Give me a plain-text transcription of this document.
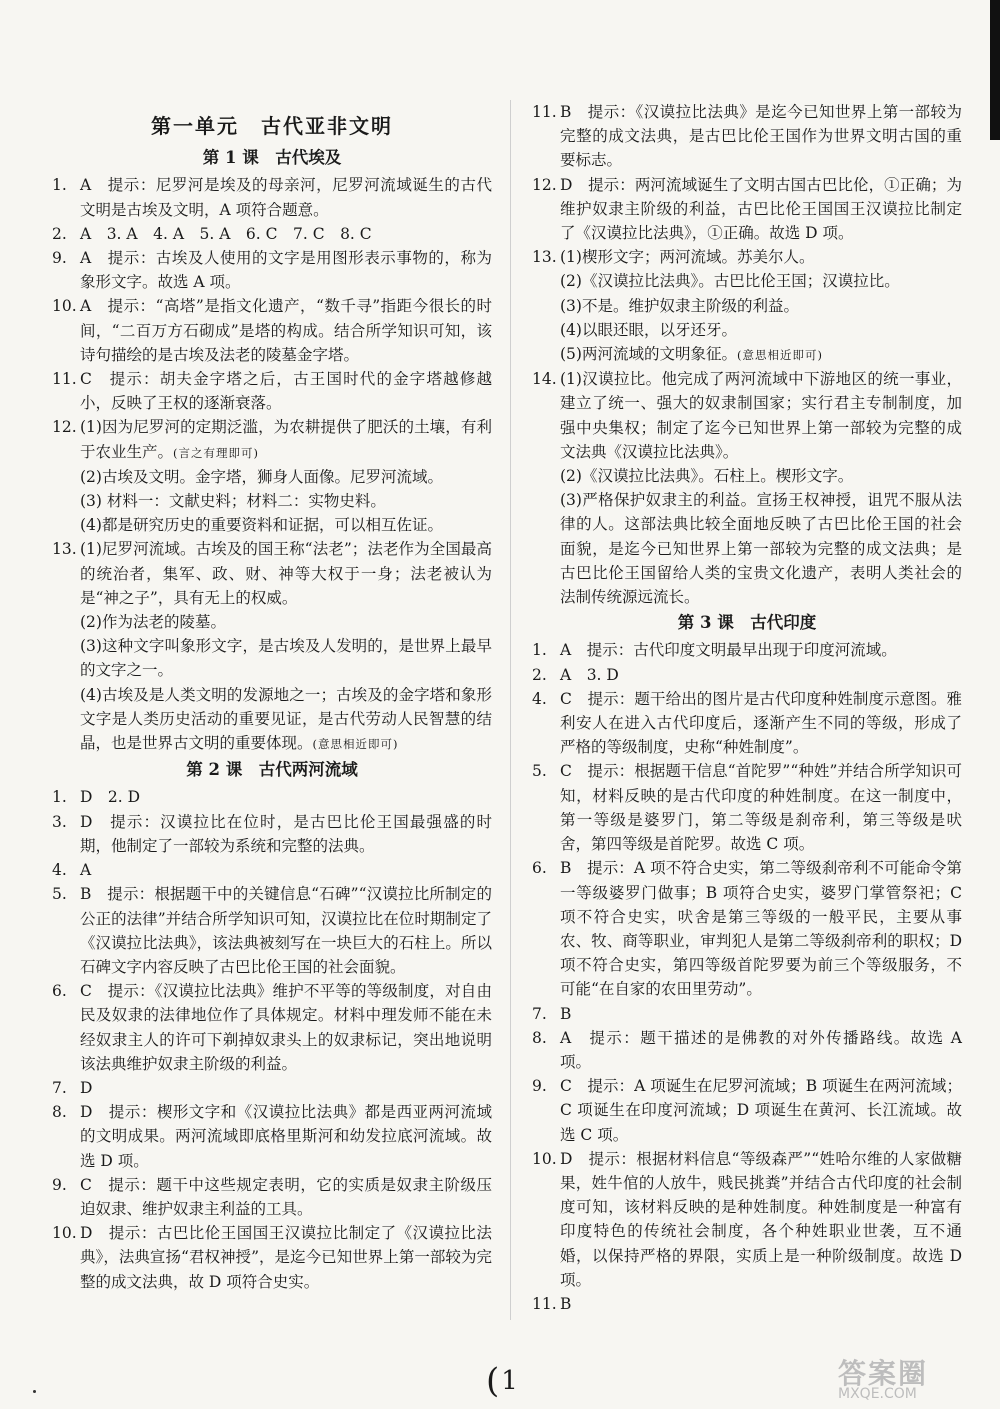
第一单元　古代亚非文明
第 1 课　古代埃及
1. A　提示：尼罗河是埃及的母亲河，尼罗河流域诞生的古代文明是古埃及文明，A 项符合题意。
2. A　3. A　4. A　5. A　6. C　7. C　8. C
9. A　提示：古埃及人使用的文字是用图形表示事物的，称为象形文字。故选 A 项。
10. A　提示：“高塔”是指文化遗产，“数千寻”指距今很长的时间，“二百万方石砌成”是塔的构成。结合所学知识可知，该诗句描绘的是古埃及法老的陵墓金字塔。
11. C　提示：胡夫金字塔之后，古王国时代的金字塔越修越小，反映了王权的逐渐衰落。
12. (1)因为尼罗河的定期泛滥，为农耕提供了肥沃的土壤，有利于农业生产。(言之有理即可)
(2)古埃及文明。金字塔，狮身人面像。尼罗河流域。
(3) 材料一：文献史料；材料二：实物史料。
(4)都是研究历史的重要资料和证据，可以相互佐证。
13. (1)尼罗河流域。古埃及的国王称“法老”；法老作为全国最高的统治者，集军、政、财、神等大权于一身；法老被认为是“神之子”，具有无上的权威。
(2)作为法老的陵墓。
(3)这种文字叫象形文字，是古埃及人发明的，是世界上最早的文字之一。
(4)古埃及是人类文明的发源地之一；古埃及的金字塔和象形文字是人类历史活动的重要见证，是古代劳动人民智慧的结晶，也是世界古文明的重要体现。(意思相近即可)
第 2 课　古代两河流域
1. D　2. D
3. D　提示：汉谟拉比在位时，是古巴比伦王国最强盛的时期，他制定了一部较为系统和完整的法典。
4. A
5. B　提示：根据题干中的关键信息“石碑”“汉谟拉比所制定的公正的法律”并结合所学知识可知，汉谟拉比在位时期制定了《汉谟拉比法典》，该法典被刻写在一块巨大的石柱上。所以石碑文字内容反映了古巴比伦王国的社会面貌。
6. C　提示：《汉谟拉比法典》维护不平等的等级制度，对自由民及奴隶的法律地位作了具体规定。材料中理发师不能在未经奴隶主人的许可下剃掉奴隶头上的奴隶标记，突出地说明该法典维护奴隶主阶级的利益。
7. D
8. D　提示：楔形文字和《汉谟拉比法典》都是西亚两河流域的文明成果。两河流域即底格里斯河和幼发拉底河流域。故选 D 项。
9. C　提示：题干中这些规定表明，它的实质是奴隶主阶级压迫奴隶、维护奴隶主利益的工具。
10. D　提示：古巴比伦王国国王汉谟拉比制定了《汉谟拉比法典》，法典宣扬“君权神授”，是迄今已知世界上第一部较为完整的成文法典，故 D 项符合史实。
11. B　提示：《汉谟拉比法典》是迄今已知世界上第一部较为完整的成文法典，是古巴比伦王国作为世界文明古国的重要标志。
12. D　提示：两河流域诞生了文明古国古巴比伦，①正确；为维护奴隶主阶级的利益，古巴比伦王国国王汉谟拉比制定了《汉谟拉比法典》，①正确。故选 D 项。
13. (1)楔形文字；两河流域。苏美尔人。
(2)《汉谟拉比法典》。古巴比伦王国；汉谟拉比。
(3)不是。维护奴隶主阶级的利益。
(4)以眼还眼，以牙还牙。
(5)两河流域的文明象征。(意思相近即可)
14. (1)汉谟拉比。他完成了两河流域中下游地区的统一事业，建立了统一、强大的奴隶制国家；实行君主专制制度，加强中央集权；制定了迄今已知世界上第一部较为完整的成文法典《汉谟拉比法典》。
(2)《汉谟拉比法典》。石柱上。楔形文字。
(3)严格保护奴隶主的利益。宣扬王权神授，诅咒不服从法律的人。这部法典比较全面地反映了古巴比伦王国的社会面貌，是迄今已知世界上第一部较为完整的成文法典；是古巴比伦王国留给人类的宝贵文化遗产，表明人类社会的法制传统源远流长。
第 3 课　古代印度
1. A　提示：古代印度文明最早出现于印度河流域。
2. A　3. D
4. C　提示：题干给出的图片是古代印度种姓制度示意图。雅利安人在进入古代印度后，逐渐产生不同的等级，形成了严格的等级制度，史称“种姓制度”。
5. C　提示：根据题干信息“首陀罗”“种姓”并结合所学知识可知，材料反映的是古代印度的种姓制度。在这一制度中，第一等级是婆罗门，第二等级是刹帝利，第三等级是吠舍，第四等级是首陀罗。故选 C 项。
6. B　提示：A 项不符合史实，第二等级刹帝利不可能命令第一等级婆罗门做事；B 项符合史实，婆罗门掌管祭祀；C 项不符合史实，吠舍是第三等级的一般平民，主要从事农、牧、商等职业，审判犯人是第二等级刹帝利的职权；D 项不符合史实，第四等级首陀罗要为前三个等级服务，不可能“在自家的农田里劳动”。
7. B
8. A　提示：题干描述的是佛教的对外传播路线。故选 A 项。
9. C　提示：A 项诞生在尼罗河流域；B 项诞生在两河流域；C 项诞生在印度河流域；D 项诞生在黄河、长江流域。故选 C 项。
10. D　提示：根据材料信息“等级森严”“姓哈尔维的人家做糖果，姓牛倌的人放牛，贱民挑粪”并结合古代印度的社会制度可知，该材料反映的是种姓制度。种姓制度是一种富有印度特色的传统社会制度，各个种姓职业世袭，互不通婚，以保持严格的界限，实质上是一种阶级制度。故选 D 项。
11. B
(1	答案圈
MXQE.COM
